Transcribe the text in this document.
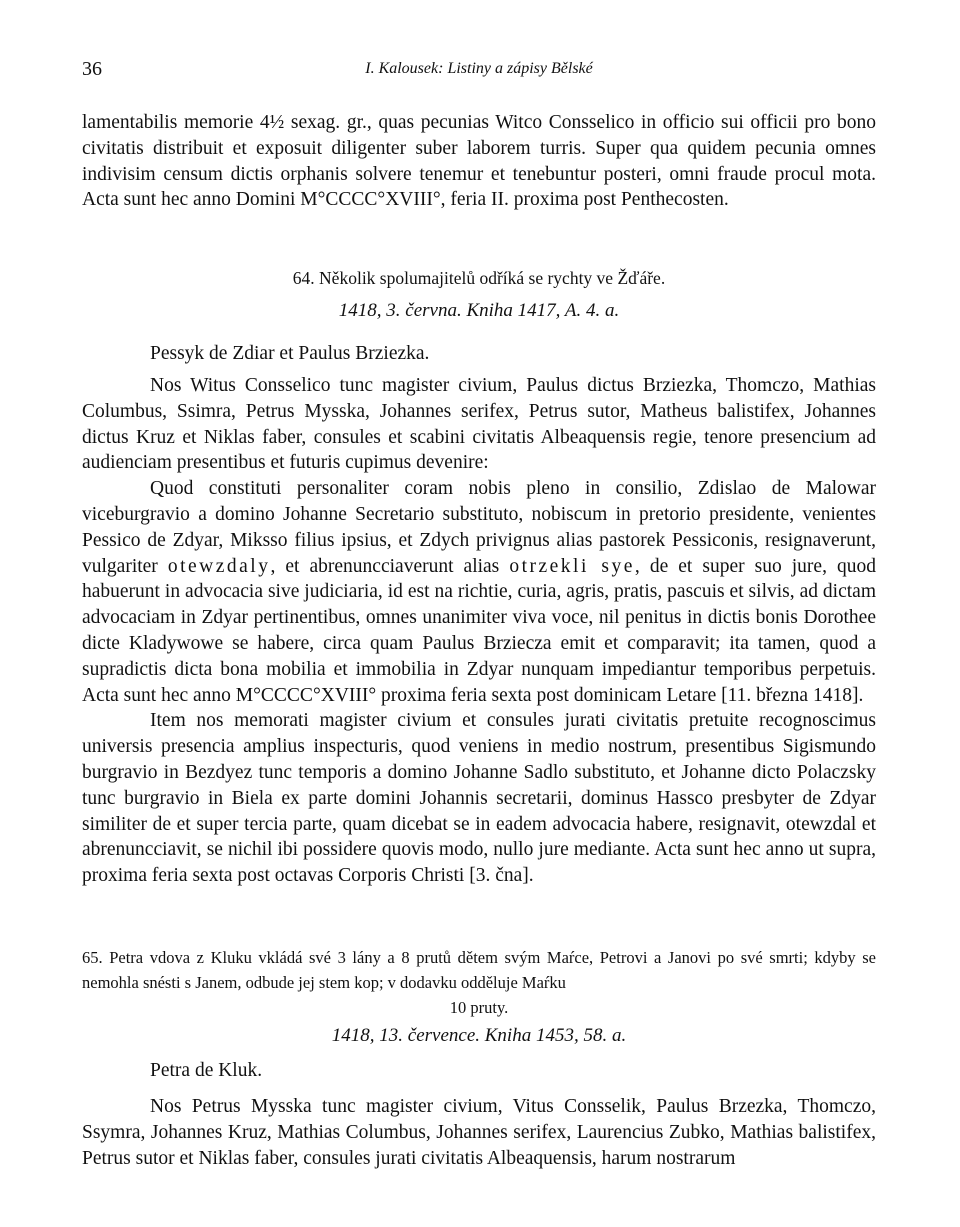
36	I. Kalousek: Listiny a zápisy Bělské

lamentabilis memorie 4½ sexag. gr., quas pecunias Witco Consselico in officio sui officii pro bono civitatis distribuit et exposuit diligenter suber laborem turris. Super qua quidem pecunia omnes indivisim censum dictis orphanis solvere tenemur et tenebuntur posteri, omni fraude procul mota. Acta sunt hec anno Domini M°CCCC°XVIII°, feria II. proxima post Penthecosten.

64. Několik spolumajitelů odříká se rychty ve Žďáře.
1418, 3. června. Kniha 1417, A. 4. a.
Pessyk de Zdiar et Paulus Brziezka.

Nos Witus Consselico tunc magister civium, Paulus dictus Brziezka, Thomczo, Mathias Columbus, Ssimra, Petrus Mysska, Johannes serifex, Petrus sutor, Matheus balistifex, Johannes dictus Kruz et Niklas faber, consules et scabini civitatis Albeaquensis regie, tenore presencium ad audienciam presentibus et futuris cupimus devenire:

Quod constituti personaliter coram nobis pleno in consilio, Zdislao de Malowar viceburgravio a domino Johanne Secretario substituto, nobiscum in pretorio presidente, venientes Pessico de Zdyar, Miksso filius ipsius, et Zdych privignus alias pastorek Pessiconis, resignaverunt, vulgariter otewzdaly, et abrenuncciaverunt alias otrzekli sye, de et super suo jure, quod habuerunt in advocacia sive judiciaria, id est na richtie, curia, agris, pratis, pascuis et silvis, ad dictam advocaciam in Zdyar pertinentibus, omnes unanimiter viva voce, nil penitus in dictis bonis Dorothee dicte Kladywowe se habere, circa quam Paulus Brziecza emit et comparavit; ita tamen, quod a supradictis dicta bona mobilia et immobilia in Zdyar nunquam impediantur temporibus perpetuis. Acta sunt hec anno M°CCCC°XVIII° proxima feria sexta post dominicam Letare [11. března 1418].

Item nos memorati magister civium et consules jurati civitatis pretuite recognoscimus universis presencia amplius inspecturis, quod veniens in medio nostrum, presentibus Sigismundo burgravio in Bezdyez tunc temporis a domino Johanne Sadlo substituto, et Johanne dicto Polaczsky tunc burgravio in Biela ex parte domini Johannis secretarii, dominus Hassco presbyter de Zdyar similiter de et super tercia parte, quam dicebat se in eadem advocacia habere, resignavit, otewzdal et abrenuncciavit, se nichil ibi possidere quovis modo, nullo jure mediante. Acta sunt hec anno ut supra, proxima feria sexta post octavas Corporis Christi [3. čna].

65. Petra vdova z Kluku vkládá své 3 lány a 8 prutů dětem svým Maŕce, Petrovi a Janovi po své smrti; kdyby se nemohla snésti s Janem, odbude jej stem kop; v dodavku odděluje Maŕku
10 pruty.
1418, 13. července. Kniha 1453, 58. a.
Petra de Kluk.

Nos Petrus Mysska tunc magister civium, Vitus Consselik, Paulus Brzezka, Thomczo, Ssymra, Johannes Kruz, Mathias Columbus, Johannes serifex, Laurencius Zubko, Mathias balistifex, Petrus sutor et Niklas faber, consules jurati civitatis Albeaquensis, harum nostrarum
